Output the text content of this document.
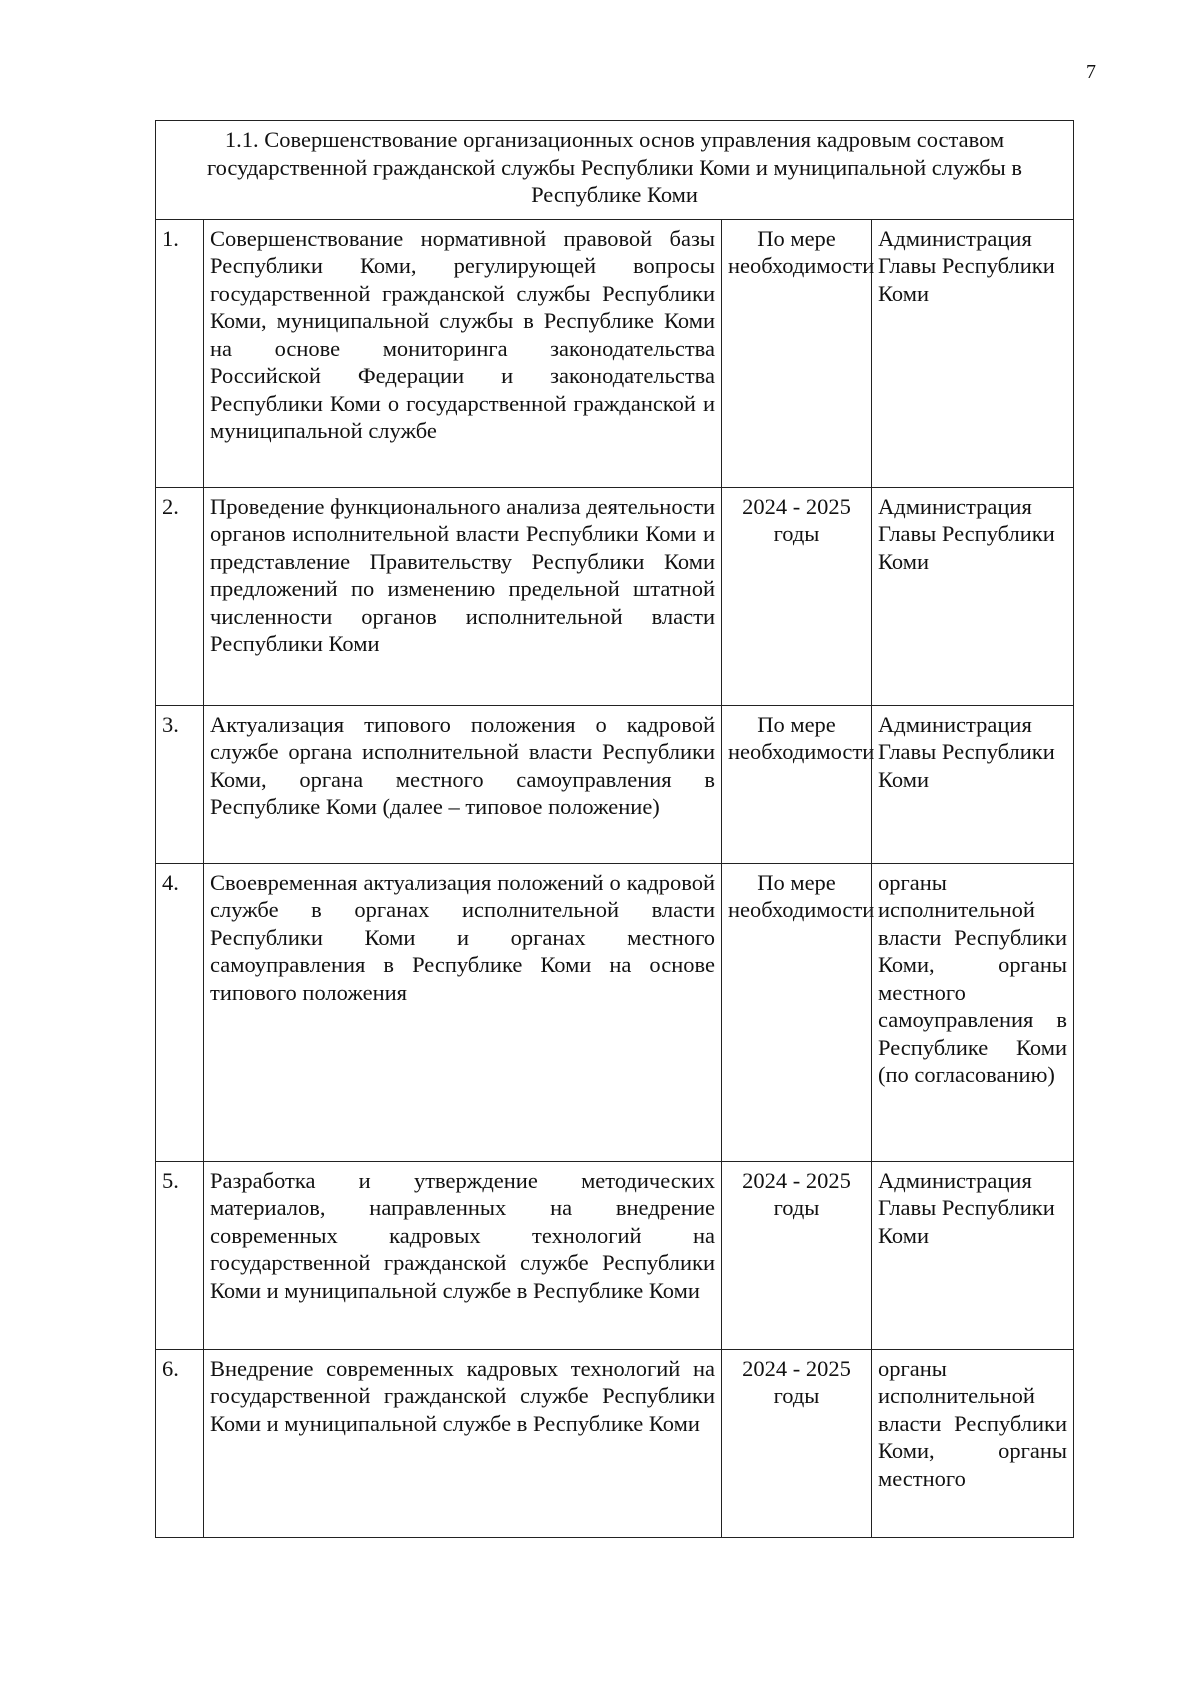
7
1.1. Совершенствование организационных основ управления кадровым составом государственной гражданской службы Республики Коми и муниципальной службы в Республике Коми			
1.	Совершенствование нормативной правовой базы Республики Коми, регулирующей вопросы государственной гражданской службы Республики Коми, муниципальной службы в Республике Коми на основе мониторинга законодательства Российской Федерации и законодательства Республики Коми о государственной гражданской и муниципальной службе	По мере необходимости	Администрация Главы Республики Коми
2.	Проведение функционального анализа деятельности органов исполнительной власти Республики Коми и представление Правительству Республики Коми предложений по изменению предельной штатной численности органов исполнительной власти Республики Коми	2024 - 2025 годы	Администрация Главы Республики Коми
3.	Актуализация типового положения о кадровой службе органа исполнительной власти Республики Коми, органа местного самоуправления в Республике Коми (далее – типовое положение)	По мере необходимости	Администрация Главы Республики Коми
4.	Своевременная актуализация положений о кадровой службе в органах исполнительной власти Республики Коми и органах местного самоуправления в Республике Коми на основе типового положения	По мере необходимости	органы исполнительной власти Республики Коми, органы местного самоуправления в Республике Коми (по согласованию)
5.	Разработка и утверждение методических материалов, направленных на внедрение современных кадровых технологий на государственной гражданской службе Республики Коми и муниципальной службе в Республике Коми	2024 - 2025 годы	Администрация Главы Республики Коми
6.	Внедрение современных кадровых технологий на государственной гражданской службе Республики Коми и муниципальной службе в Республике Коми	2024 - 2025 годы	органы исполнительной власти Республики Коми, органы местного
